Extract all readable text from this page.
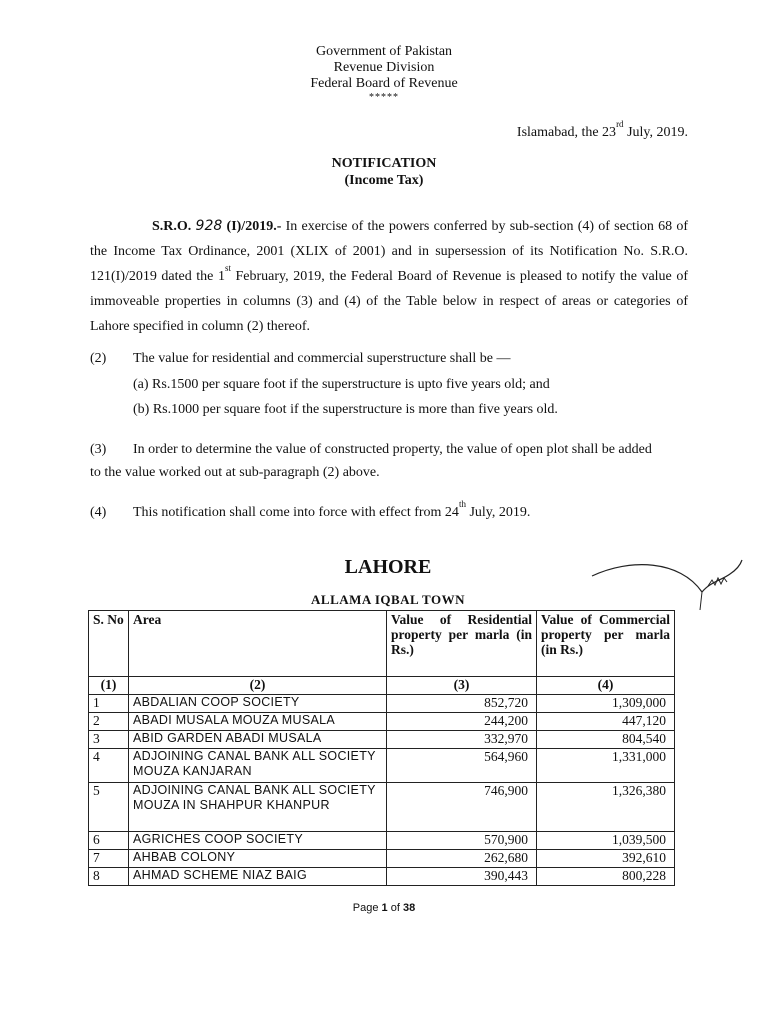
Government of Pakistan
Revenue Division
Federal Board of Revenue
*****
Islamabad, the 23rd July, 2019.
NOTIFICATION
(Income Tax)
S.R.O. 928 (I)/2019.- In exercise of the powers conferred by sub-section (4) of section 68 of the Income Tax Ordinance, 2001 (XLIX of 2001) and in supersession of its Notification No. S.R.O. 121(I)/2019 dated the 1st February, 2019, the Federal Board of Revenue is pleased to notify the value of immoveable properties in columns (3) and (4) of the Table below in respect of areas or categories of Lahore specified in column (2) thereof.
(2) The value for residential and commercial superstructure shall be —
(a) Rs.1500 per square foot if the superstructure is upto five years old; and
(b) Rs.1000 per square foot if the superstructure is more than five years old.
(3) In order to determine the value of constructed property, the value of open plot shall be added
to the value worked out at sub-paragraph (2) above.
(4) This notification shall come into force with effect from 24th July, 2019.
LAHORE
ALLAMA IQBAL TOWN
S. No	Area	Value of Residential property per marla (in Rs.)	Value of Commercial property per marla (in Rs.)
(1)	(2)	(3)	(4)
1	ABDALIAN COOP SOCIETY	852,720	1,309,000
2	ABADI MUSALA MOUZA MUSALA	244,200	447,120
3	ABID GARDEN ABADI MUSALA	332,970	804,540
4	ADJOINING CANAL BANK ALL SOCIETY MOUZA KANJARAN	564,960	1,331,000
5	ADJOINING CANAL BANK ALL SOCIETY MOUZA IN SHAHPUR KHANPUR	746,900	1,326,380
6	AGRICHES COOP SOCIETY	570,900	1,039,500
7	AHBAB COLONY	262,680	392,610
8	AHMAD SCHEME NIAZ BAIG	390,443	800,228
Page 1 of 38
